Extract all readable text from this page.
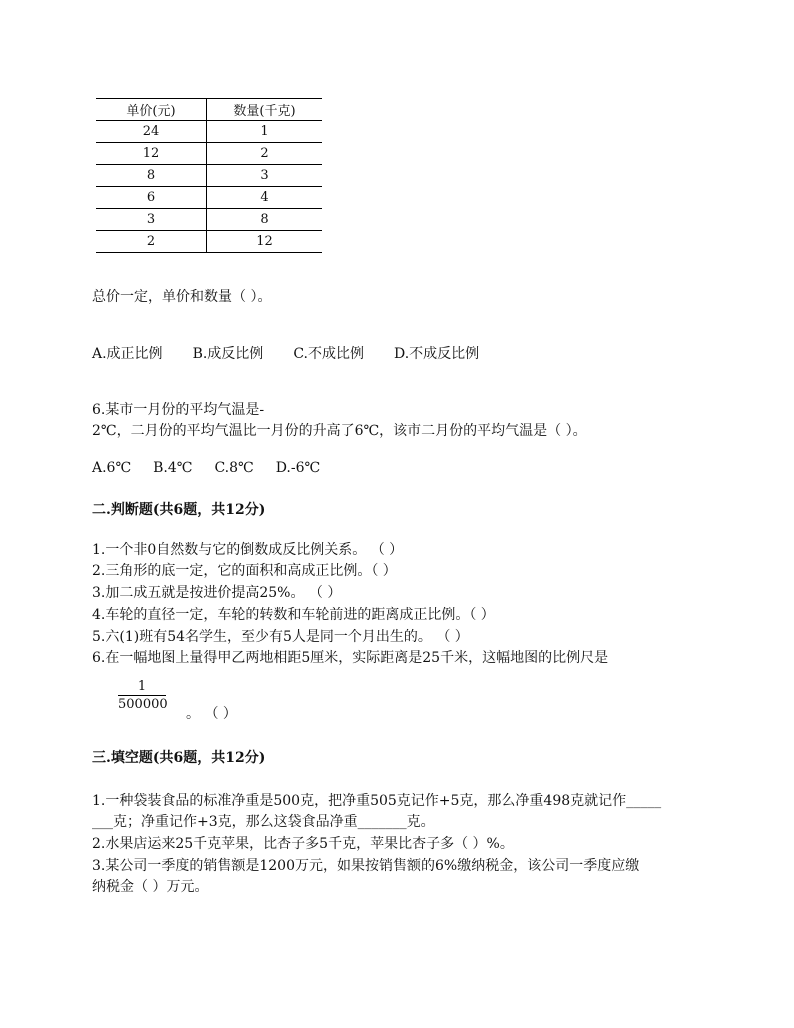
单价(元)	数量(千克)
24	1
12	2
8	3
6	4
3	8
2	12
总价一定，单价和数量（ ）。
A.成正比例 B.成反比例 C.不成比例 D.不成反比例
6.某市一月份的平均气温是-
2℃，二月份的平均气温比一月份的升高了6℃，该市二月份的平均气温是（ ）。
A.6℃ B.4℃ C.8℃ D.-6℃
二.判断题(共6题，共12分)
1.一个非0自然数与它的倒数成反比例关系。 （ ）
2.三角形的底一定，它的面积和高成正比例。（ ）
3.加二成五就是按进价提高25%。 （ ）
4.车轮的直径一定，车轮的转数和车轮前进的距离成正比例。（ ）
5.六(1)班有54名学生，至少有5人是同一个月出生的。 （ ）
6.在一幅地图上量得甲乙两地相距5厘米，实际距离是25千米，这幅地图的比例尺是
$\frac{1}{500000}$
。 （ ）
三.填空题(共6题，共12分)
1.一种袋装食品的标准净重是500克，把净重505克记作+5克，那么净重498克就记作_____
___克；净重记作+3克，那么这袋食品净重_______克。
2.水果店运来25千克苹果，比杏子多5千克，苹果比杏子多（ ）%。
3.某公司一季度的销售额是1200万元，如果按销售额的6%缴纳税金，该公司一季度应缴
纳税金（ ）万元。
